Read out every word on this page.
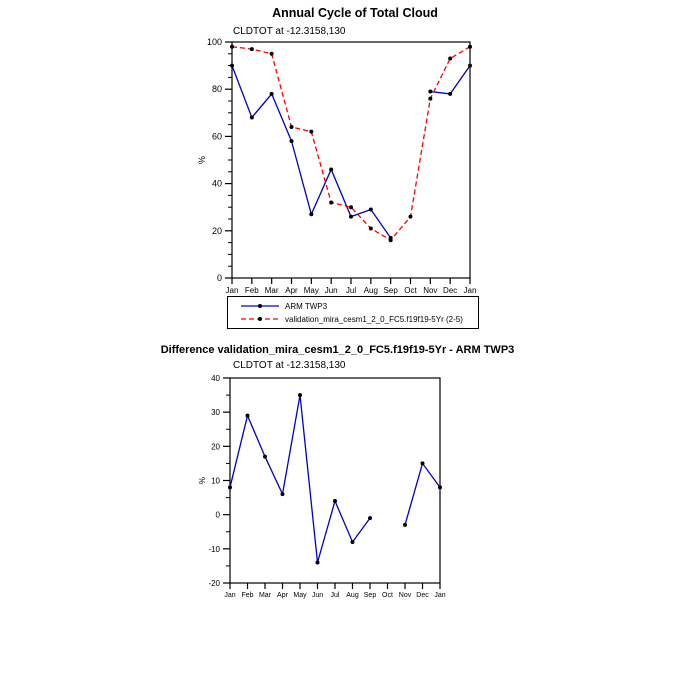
0
20
40
60
80
100
Jan Feb Mar Apr May Jun Jul Aug Sep Oct Nov Dec Jan
%
-20
-10
0
10
20
30
40
Jan Feb Mar Apr May Jun Jul Aug Sep Oct Nov Dec Jan
%
Annual Cycle of Total Cloud
CLDTOT at -12.3158,130
ARM TWP3
validation_mira_cesm1_2_0_FC5.f19f19-5Yr (2-5)
Difference validation_mira_cesm1_2_0_FC5.f19f19-5Yr - ARM TWP3
CLDTOT at -12.3158,130
